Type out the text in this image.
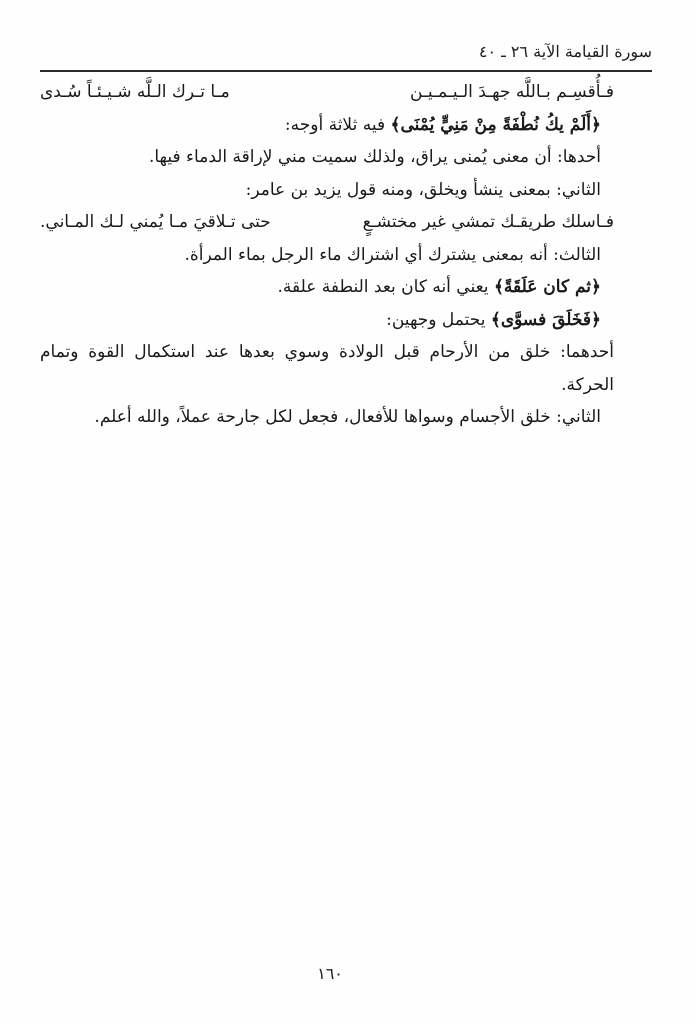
سورة القيامة الآية ٢٦ ـ ٤٠
فـأُقسِـم بـاللَّه جهـدَ الـيـمـيـن
مـا تـرك الـلَّه شـيـئـاً سُـدى
﴿أَلَمْ يكُ نُطْفَةً مِنْ مَنِيٍّ يُمْنَى﴾ فيه ثلاثة أوجه:
أحدها: أن معنى يُمنى يراق، ولذلك سميت مني لإراقة الدماء فيها.
الثاني: بمعنى ينشأ ويخلق، ومنه قول يزيد بن عامر:
فـاسلك طريقـك تمشي غير مختشـعٍ
حتى تـلاقيَ مـا يُمني لـك المـاني.
الثالث: أنه بمعنى يشترك أي اشتراك ماء الرجل بماء المرأة.
﴿ثم كان عَلَقَةً﴾ يعني أنه كان بعد النطفة علقة.
﴿فَخَلَقَ فسوَّى﴾ يحتمل وجهين:
أحدهما: خلق من الأرحام قبل الولادة وسوي بعدها عند استكمال القوة وتمام
الحركة.
الثاني: خلق الأجسام وسواها للأفعال، فجعل لكل جارحة عملاً، والله أعلم.
١٦٠
